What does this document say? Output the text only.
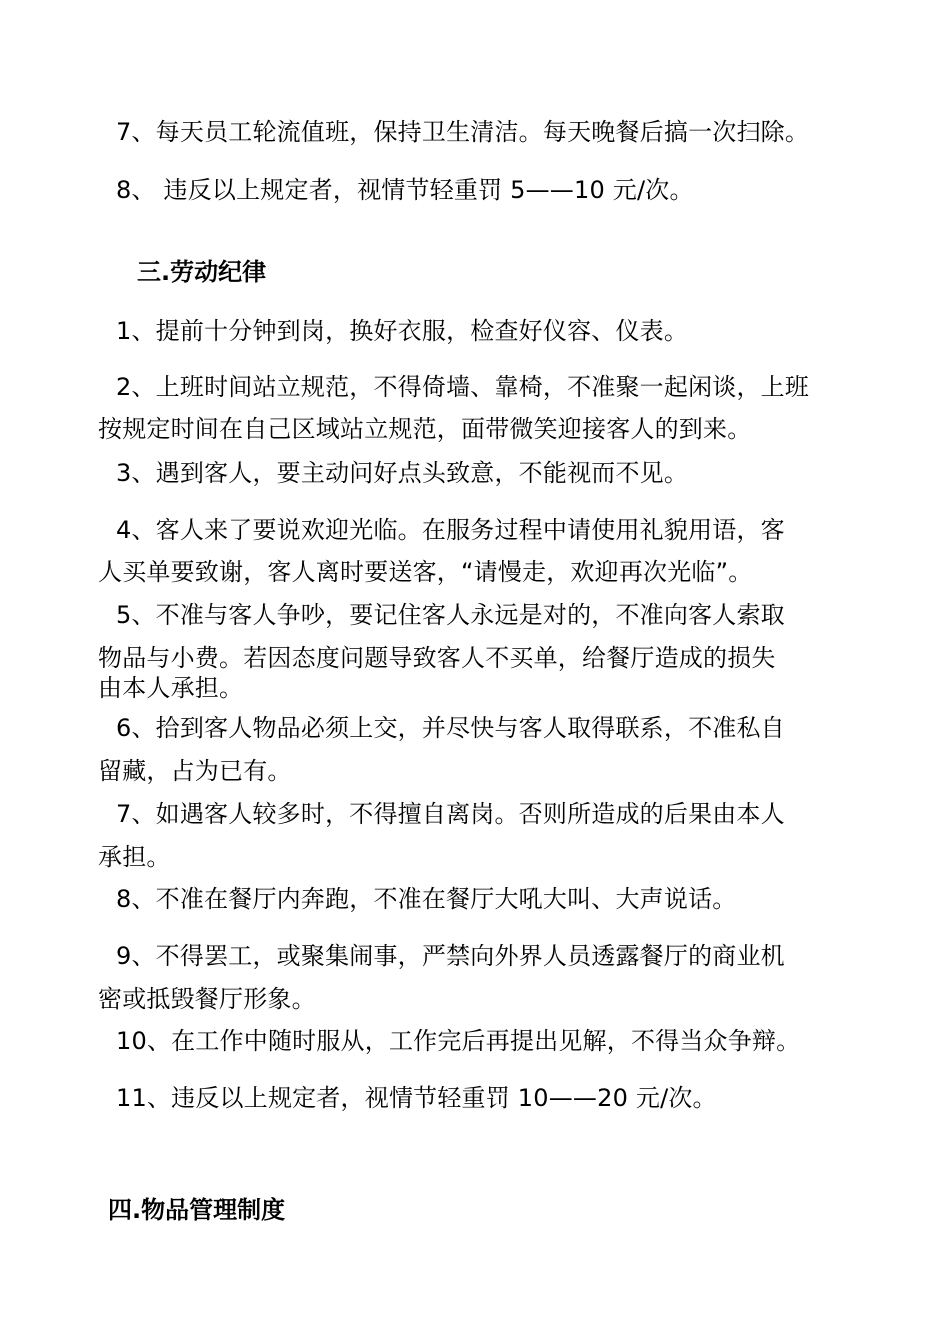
7、每天员工轮流值班，保持卫生清洁。每天晚餐后搞一次扫除。
8、 违反以上规定者，视情节轻重罚 5——10 元/次。
三.劳动纪律
1、提前十分钟到岗，换好衣服，检查好仪容、仪表。
2、上班时间站立规范，不得倚墙、靠椅，不准聚一起闲谈，上班
按规定时间在自己区域站立规范，面带微笑迎接客人的到来。
3、遇到客人，要主动问好点头致意，不能视而不见。
4、客人来了要说欢迎光临。在服务过程中请使用礼貌用语，客
人买单要致谢，客人离时要送客，“请慢走，欢迎再次光临”。
5、不准与客人争吵，要记住客人永远是对的，不准向客人索取
物品与小费。若因态度问题导致客人不买单，给餐厅造成的损失
由本人承担。
6、拾到客人物品必须上交，并尽快与客人取得联系，不准私自
留藏，占为已有。
7、如遇客人较多时，不得擅自离岗。否则所造成的后果由本人
承担。
8、不准在餐厅内奔跑，不准在餐厅大吼大叫、大声说话。
9、不得罢工，或聚集闹事，严禁向外界人员透露餐厅的商业机
密或抵毁餐厅形象。
10、在工作中随时服从，工作完后再提出见解，不得当众争辩。
11、违反以上规定者，视情节轻重罚 10——20 元/次。
四.物品管理制度
